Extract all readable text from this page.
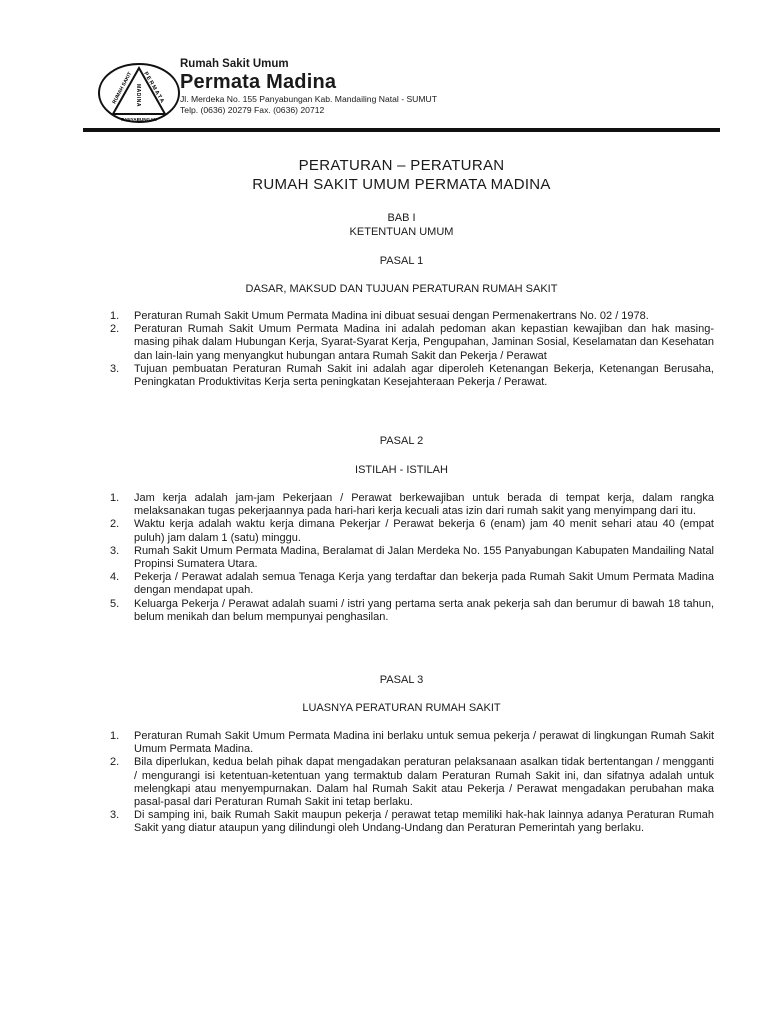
RUMAH SAKIT PERMATA
MADINA
PANYABUNGAN
Rumah Sakit Umum
Permata Madina
Jl. Merdeka No. 155 Panyabungan Kab. Mandailing Natal - SUMUT
Telp. (0636) 20279 Fax. (0636) 20712
PERATURAN – PERATURAN
RUMAH SAKIT UMUM PERMATA MADINA
BAB I
KETENTUAN UMUM
PASAL 1
DASAR, MAKSUD DAN TUJUAN PERATURAN RUMAH SAKIT
1. Peraturan Rumah Sakit Umum Permata Madina ini dibuat sesuai dengan Permenakertrans No. 02 / 1978.
2. Peraturan Rumah Sakit Umum Permata Madina ini adalah pedoman akan kepastian kewajiban dan hak masing-masing pihak dalam Hubungan Kerja, Syarat-Syarat Kerja, Pengupahan, Jaminan Sosial, Keselamatan dan Kesehatan dan lain-lain yang menyangkut hubungan antara Rumah Sakit dan Pekerja / Perawat
3. Tujuan pembuatan Peraturan Rumah Sakit ini adalah agar diperoleh Ketenangan Bekerja, Ketenangan Berusaha, Peningkatan Produktivitas Kerja serta peningkatan Kesejahteraan Pekerja / Perawat.
PASAL 2
ISTILAH - ISTILAH
1. Jam kerja adalah jam-jam Pekerjaan / Perawat berkewajiban untuk berada di tempat kerja, dalam rangka melaksanakan tugas pekerjaannya pada hari-hari kerja kecuali atas izin dari rumah sakit yang menyimpang dari itu.
2. Waktu kerja adalah waktu kerja dimana Pekerjar / Perawat bekerja 6 (enam) jam 40 menit sehari atau 40 (empat puluh) jam dalam 1 (satu) minggu.
3. Rumah Sakit Umum Permata Madina, Beralamat di Jalan Merdeka No. 155 Panyabungan Kabupaten Mandailing Natal Propinsi Sumatera Utara.
4. Pekerja / Perawat adalah semua Tenaga Kerja yang terdaftar dan bekerja pada Rumah Sakit Umum Permata Madina dengan mendapat upah.
5. Keluarga Pekerja / Perawat adalah suami / istri yang pertama serta anak pekerja sah dan berumur di bawah 18 tahun, belum menikah dan belum mempunyai penghasilan.
PASAL 3
LUASNYA PERATURAN RUMAH SAKIT
1. Peraturan Rumah Sakit Umum Permata Madina ini berlaku untuk semua pekerja / perawat di lingkungan Rumah Sakit Umum Permata Madina.
2. Bila diperlukan, kedua belah pihak dapat mengadakan peraturan pelaksanaan asalkan tidak bertentangan / mengganti / mengurangi isi ketentuan-ketentuan yang termaktub dalam Peraturan Rumah Sakit ini, dan sifatnya adalah untuk melengkapi atau menyempurnakan. Dalam hal Rumah Sakit atau Pekerja / Perawat mengadakan perubahan maka pasal-pasal dari Peraturan Rumah Sakit ini tetap berlaku.
3. Di samping ini, baik Rumah Sakit maupun pekerja / perawat tetap memiliki hak-hak lainnya adanya Peraturan Rumah Sakit yang diatur ataupun yang dilindungi oleh Undang-Undang dan Peraturan Pemerintah yang berlaku.
